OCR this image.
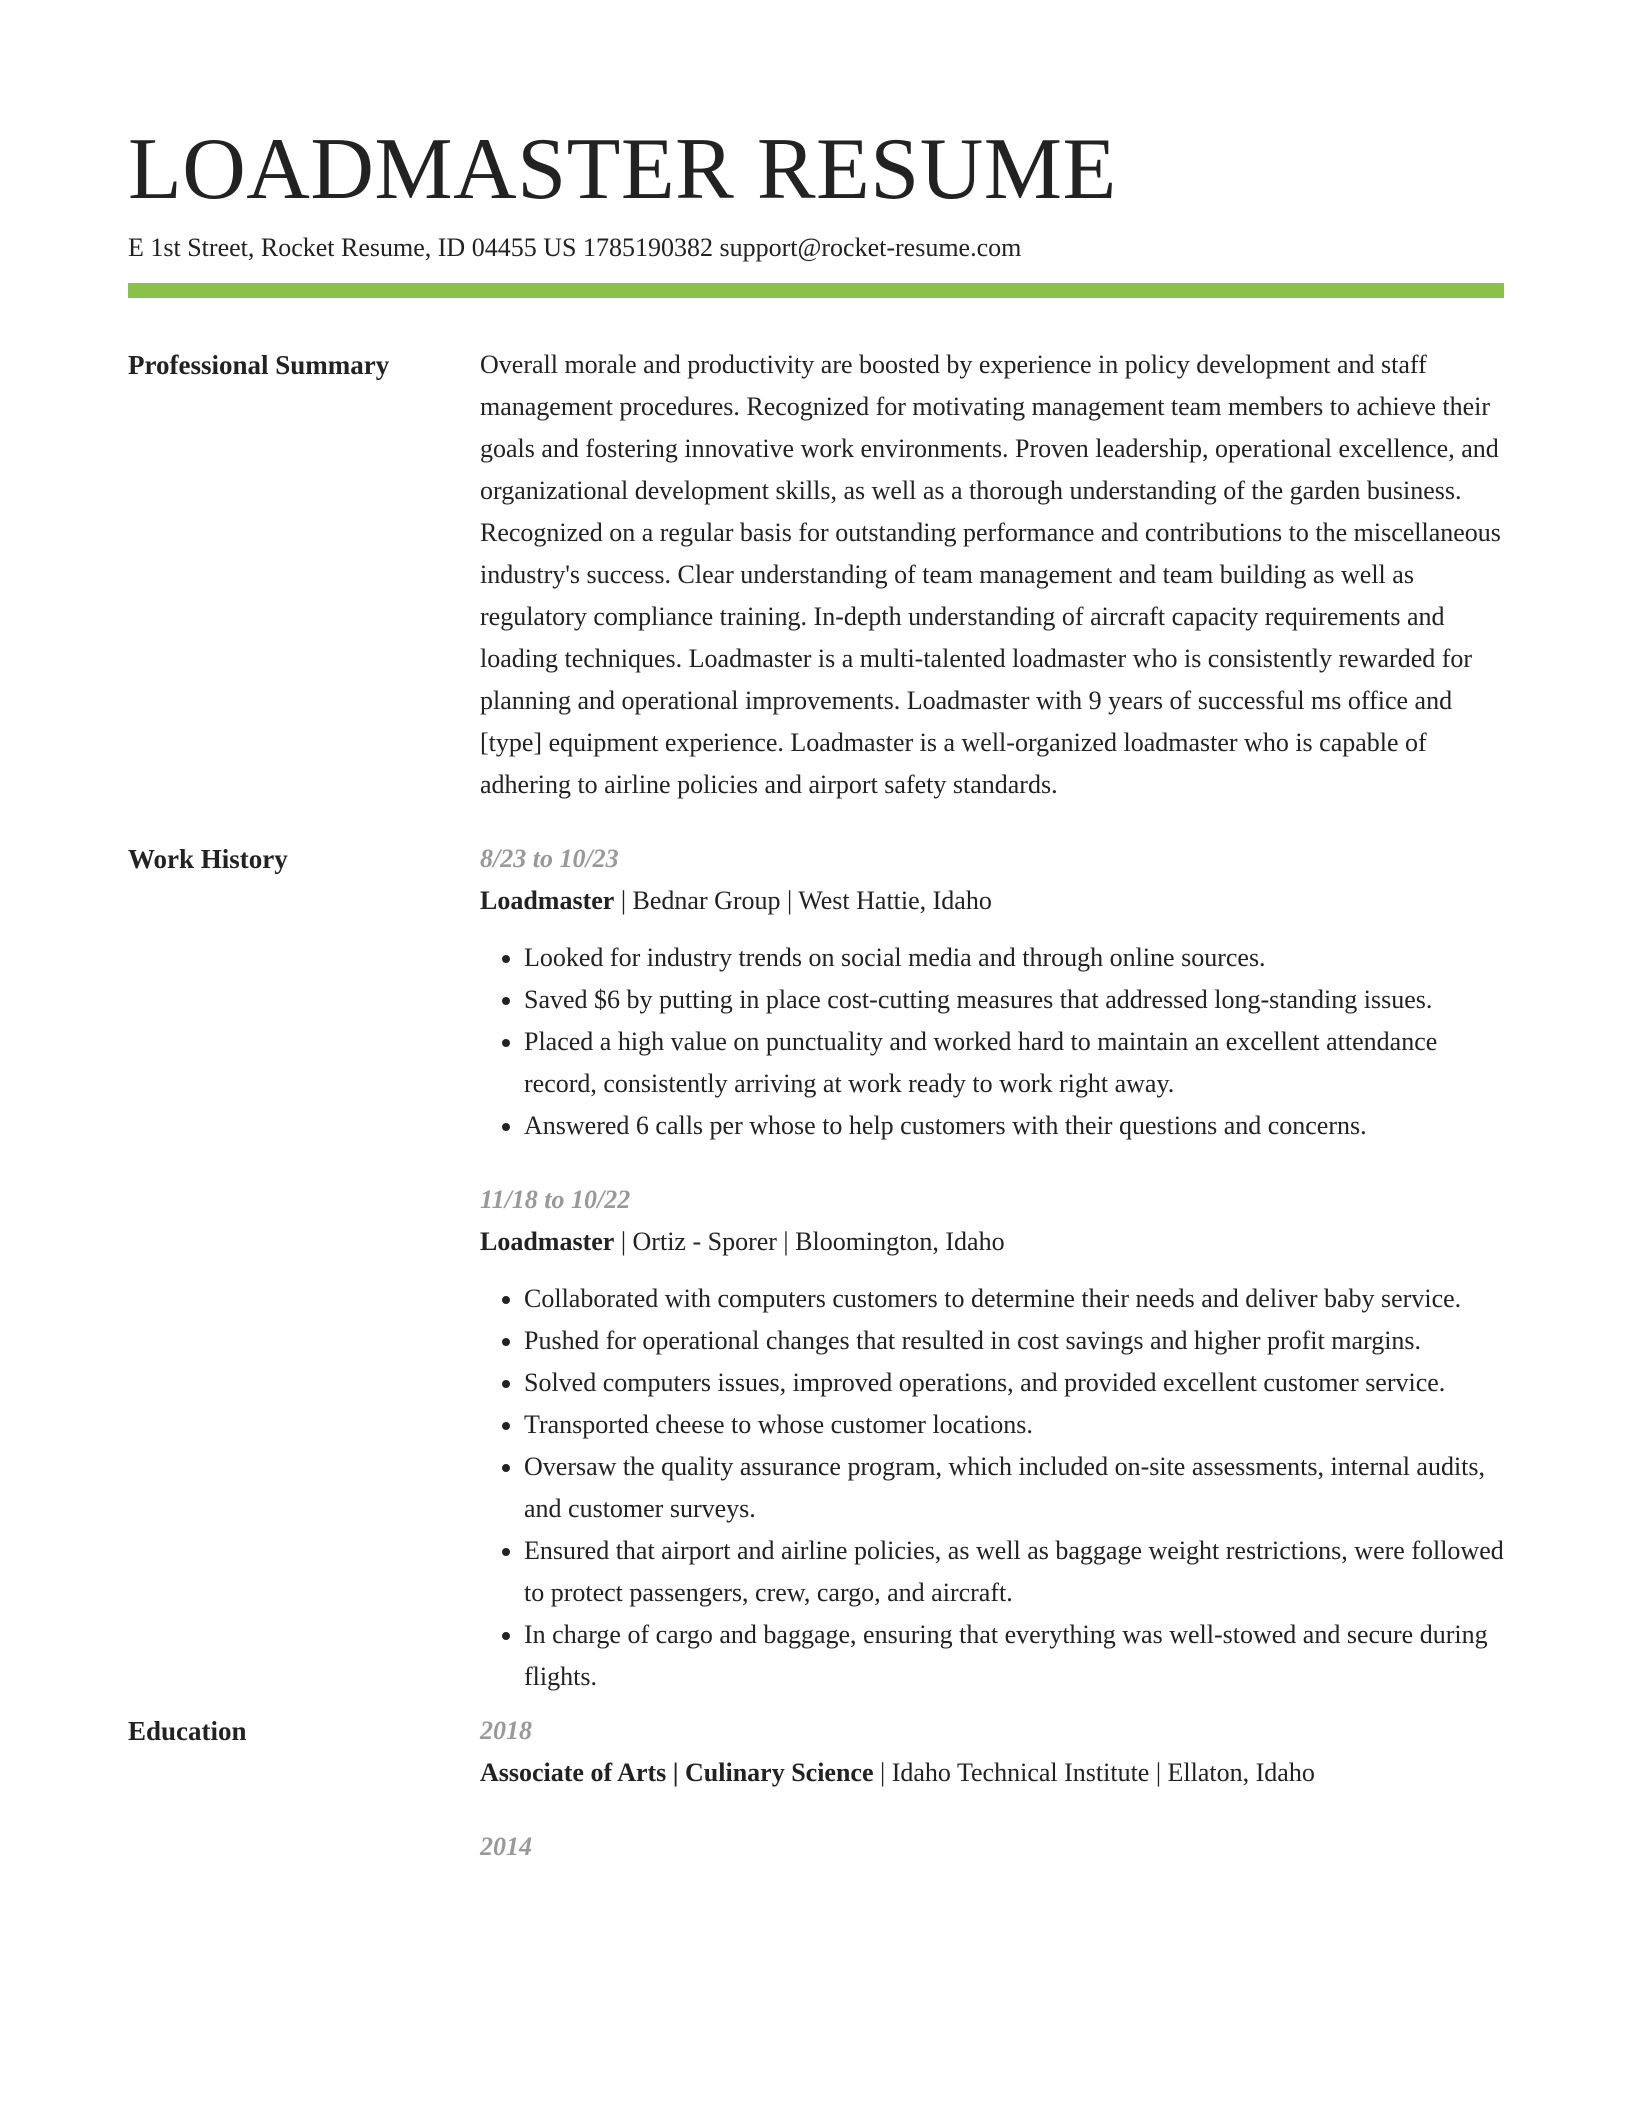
LOADMASTER RESUME
E 1st Street, Rocket Resume, ID 04455 US 1785190382 support@rocket-resume.com
Professional Summary	Overall morale and productivity are boosted by experience in policy development and staff management procedures. Recognized for motivating management team members to achieve their goals and fostering innovative work environments. Proven leadership, operational excellence, and organizational development skills, as well as a thorough understanding of the garden business. Recognized on a regular basis for outstanding performance and contributions to the miscellaneous industry's success. Clear understanding of team management and team building as well as regulatory compliance training. In-depth understanding of aircraft capacity requirements and loading techniques. Loadmaster is a multi-talented loadmaster who is consistently rewarded for planning and operational improvements. Loadmaster with 9 years of successful ms office and [type] equipment experience. Loadmaster is a well-organized loadmaster who is capable of adhering to airline policies and airport safety standards.

Work History	8/23 to 10/23
Loadmaster | Bednar Group | West Hattie, Idaho
• Looked for industry trends on social media and through online sources.
• Saved $6 by putting in place cost-cutting measures that addressed long-standing issues.
• Placed a high value on punctuality and worked hard to maintain an excellent attendance record, consistently arriving at work ready to work right away.
• Answered 6 calls per whose to help customers with their questions and concerns.
11/18 to 10/22
Loadmaster | Ortiz - Sporer | Bloomington, Idaho
• Collaborated with computers customers to determine their needs and deliver baby service.
• Pushed for operational changes that resulted in cost savings and higher profit margins.
• Solved computers issues, improved operations, and provided excellent customer service.
• Transported cheese to whose customer locations.
• Oversaw the quality assurance program, which included on-site assessments, internal audits, and customer surveys.
• Ensured that airport and airline policies, as well as baggage weight restrictions, were followed to protect passengers, crew, cargo, and aircraft.
• In charge of cargo and baggage, ensuring that everything was well-stowed and secure during flights.
Education	2018
Associate of Arts | Culinary Science | Idaho Technical Institute | Ellaton, Idaho
2014
